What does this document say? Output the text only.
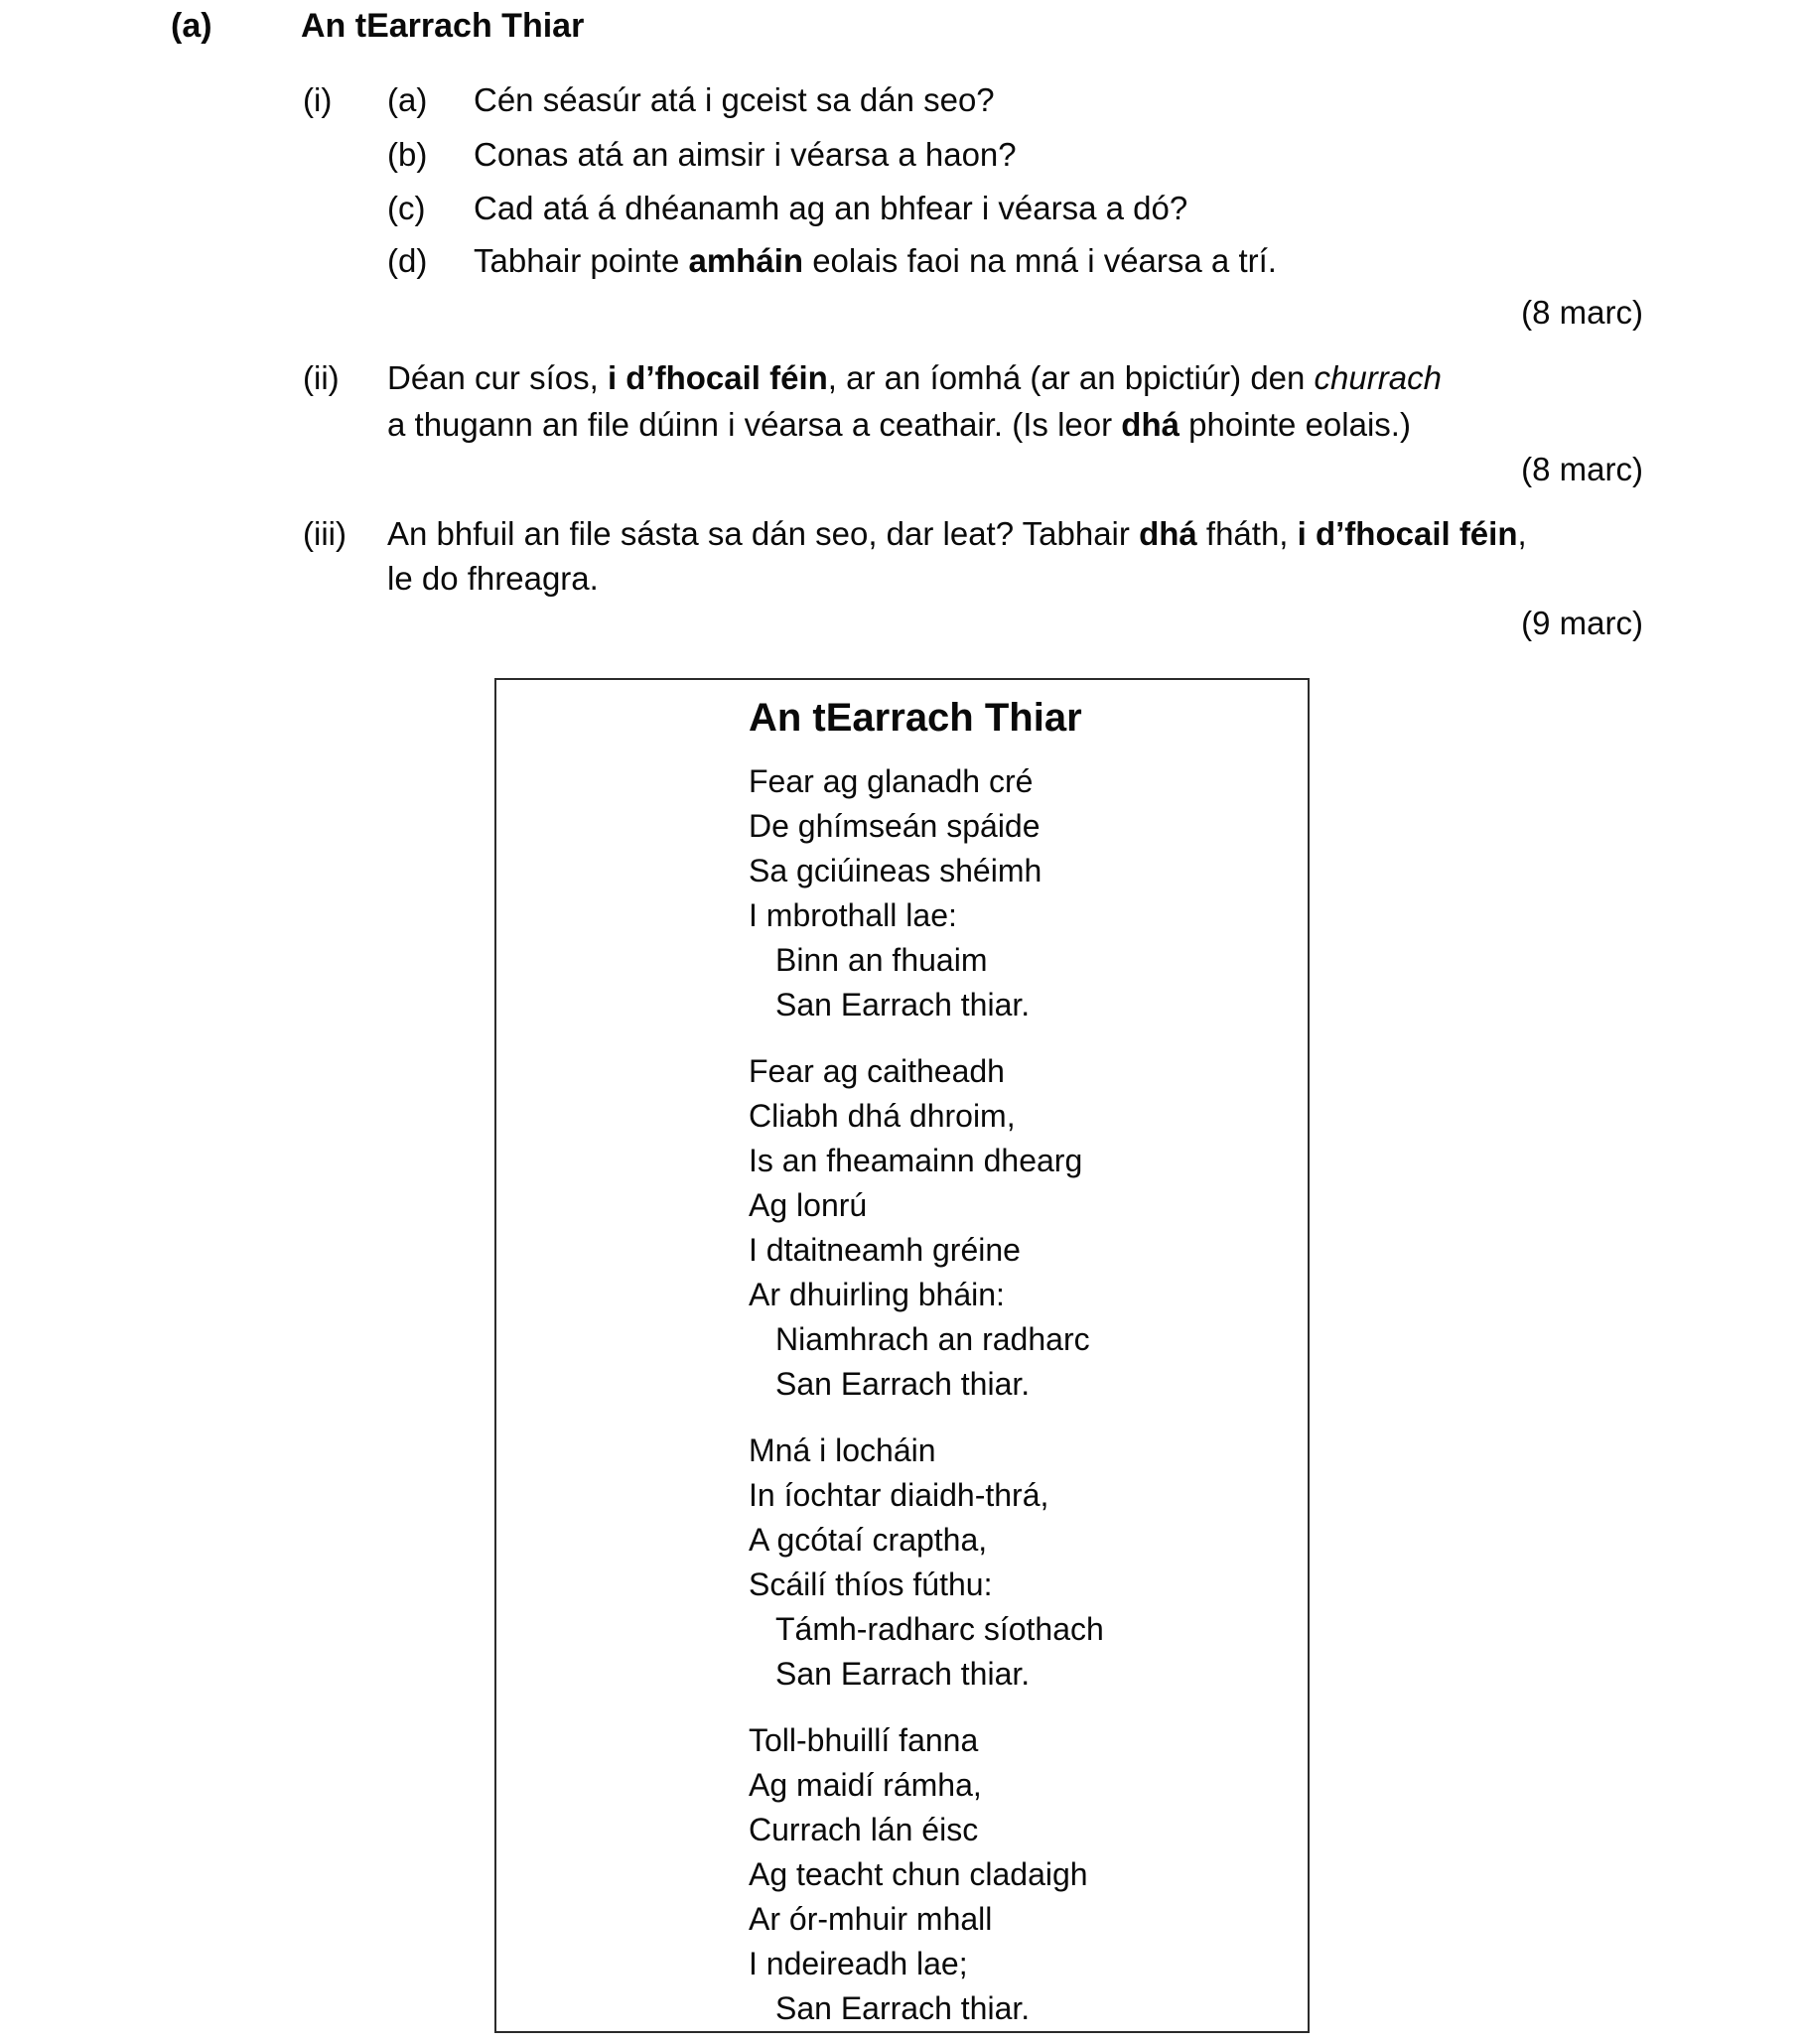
(a)	An tEarrach Thiar
(i) (a) Cén séasúr atá i gceist sa dán seo?
(b) Conas atá an aimsir i véarsa a haon?
(c) Cad atá á dhéanamh ag an bhfear i véarsa a dó?
(d) Tabhair pointe amháin eolais faoi na mná i véarsa a trí.
(8 marc)
(ii) Déan cur síos, i d’fhocail féin, ar an íomhá (ar an bpictiúr) den churrach
a thugann an file dúinn i véarsa a ceathair. (Is leor dhá phointe eolais.)
(8 marc)
(iii) An bhfuil an file sásta sa dán seo, dar leat? Tabhair dhá fháth, i d’fhocail féin,
le do fhreagra.
(9 marc)
An tEarrach Thiar
Fear ag glanadh cré
De ghímseán spáide
Sa gciúineas shéimh
I mbrothall lae:
Binn an fhuaim
San Earrach thiar.
Fear ag caitheadh
Cliabh dhá dhroim,
Is an fheamainn dhearg
Ag lonrú
I dtaitneamh gréine
Ar dhuirling bháin:
Niamhrach an radharc
San Earrach thiar.
Mná i locháin
In íochtar diaidh-thrá,
A gcótaí craptha,
Scáilí thíos fúthu:
Támh-radharc síothach
San Earrach thiar.
Toll-bhuillí fanna
Ag maidí rámha,
Currach lán éisc
Ag teacht chun cladaigh
Ar ór-mhuir mhall
I ndeireadh lae;
San Earrach thiar.
